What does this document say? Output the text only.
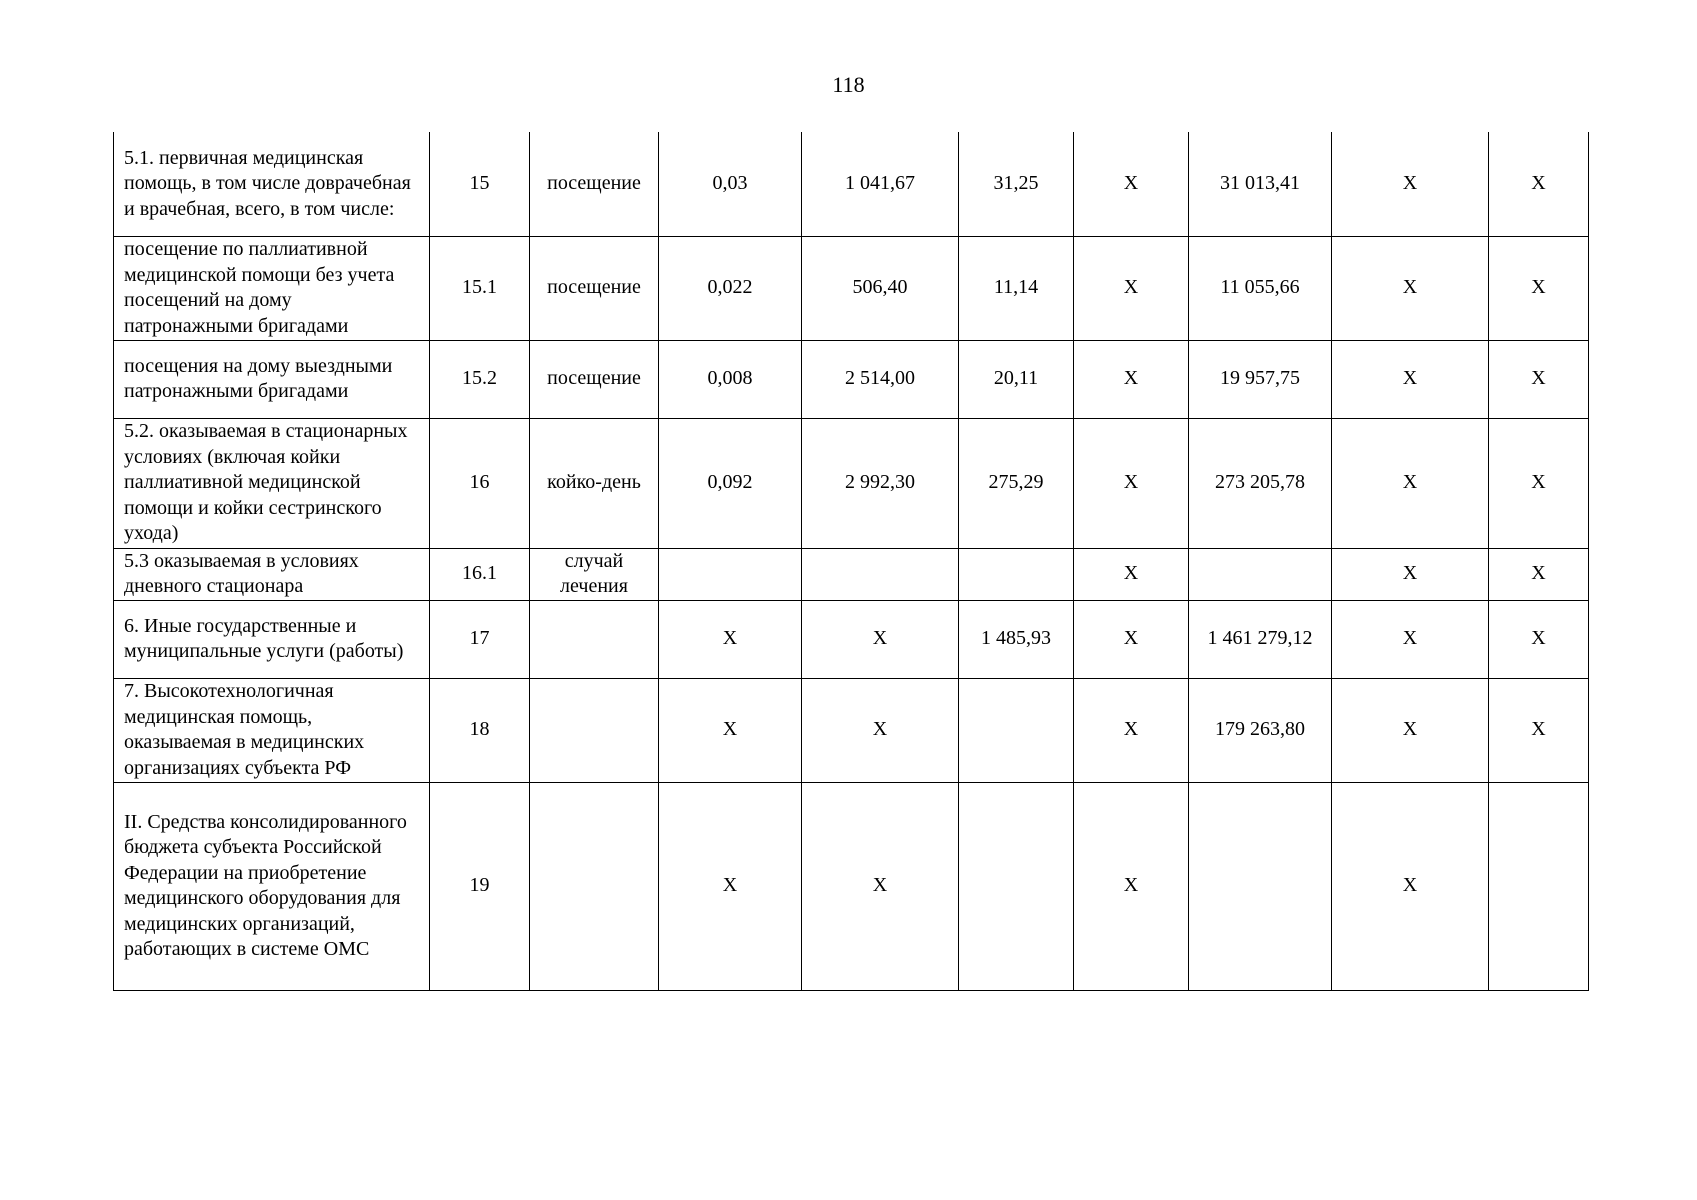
118
5.1. первичная медицинская помощь, в том числе доврачебная и врачебная, всего, в том числе:	15	посещение	0,03	1 041,67	31,25	Х	31 013,41	Х	Х
посещение по паллиативной медицинской помощи без учета посещений на дому патронажными бригадами	15.1	посещение	0,022	506,40	11,14	Х	11 055,66	Х	Х
посещения на дому выездными патронажными бригадами	15.2	посещение	0,008	2 514,00	20,11	Х	19 957,75	Х	Х
5.2. оказываемая в стационарных условиях (включая койки паллиативной медицинской помощи и койки сестринского ухода)	16	койко-день	0,092	2 992,30	275,29	Х	273 205,78	Х	Х
5.3 оказываемая в условиях дневного стационара	16.1	случай лечения				Х		Х	Х
6. Иные государственные и муниципальные услуги (работы)	17		Х	Х	1 485,93	Х	1 461 279,12	Х	Х
7. Высокотехнологичная медицинская помощь, оказываемая в медицинских организациях субъекта РФ	18		Х	Х		Х	179 263,80	Х	Х
II. Средства консолидированного бюджета субъекта Российской Федерации на приобретение медицинского оборудования для медицинских организаций, работающих в системе ОМС	19		Х	Х		Х		Х	
